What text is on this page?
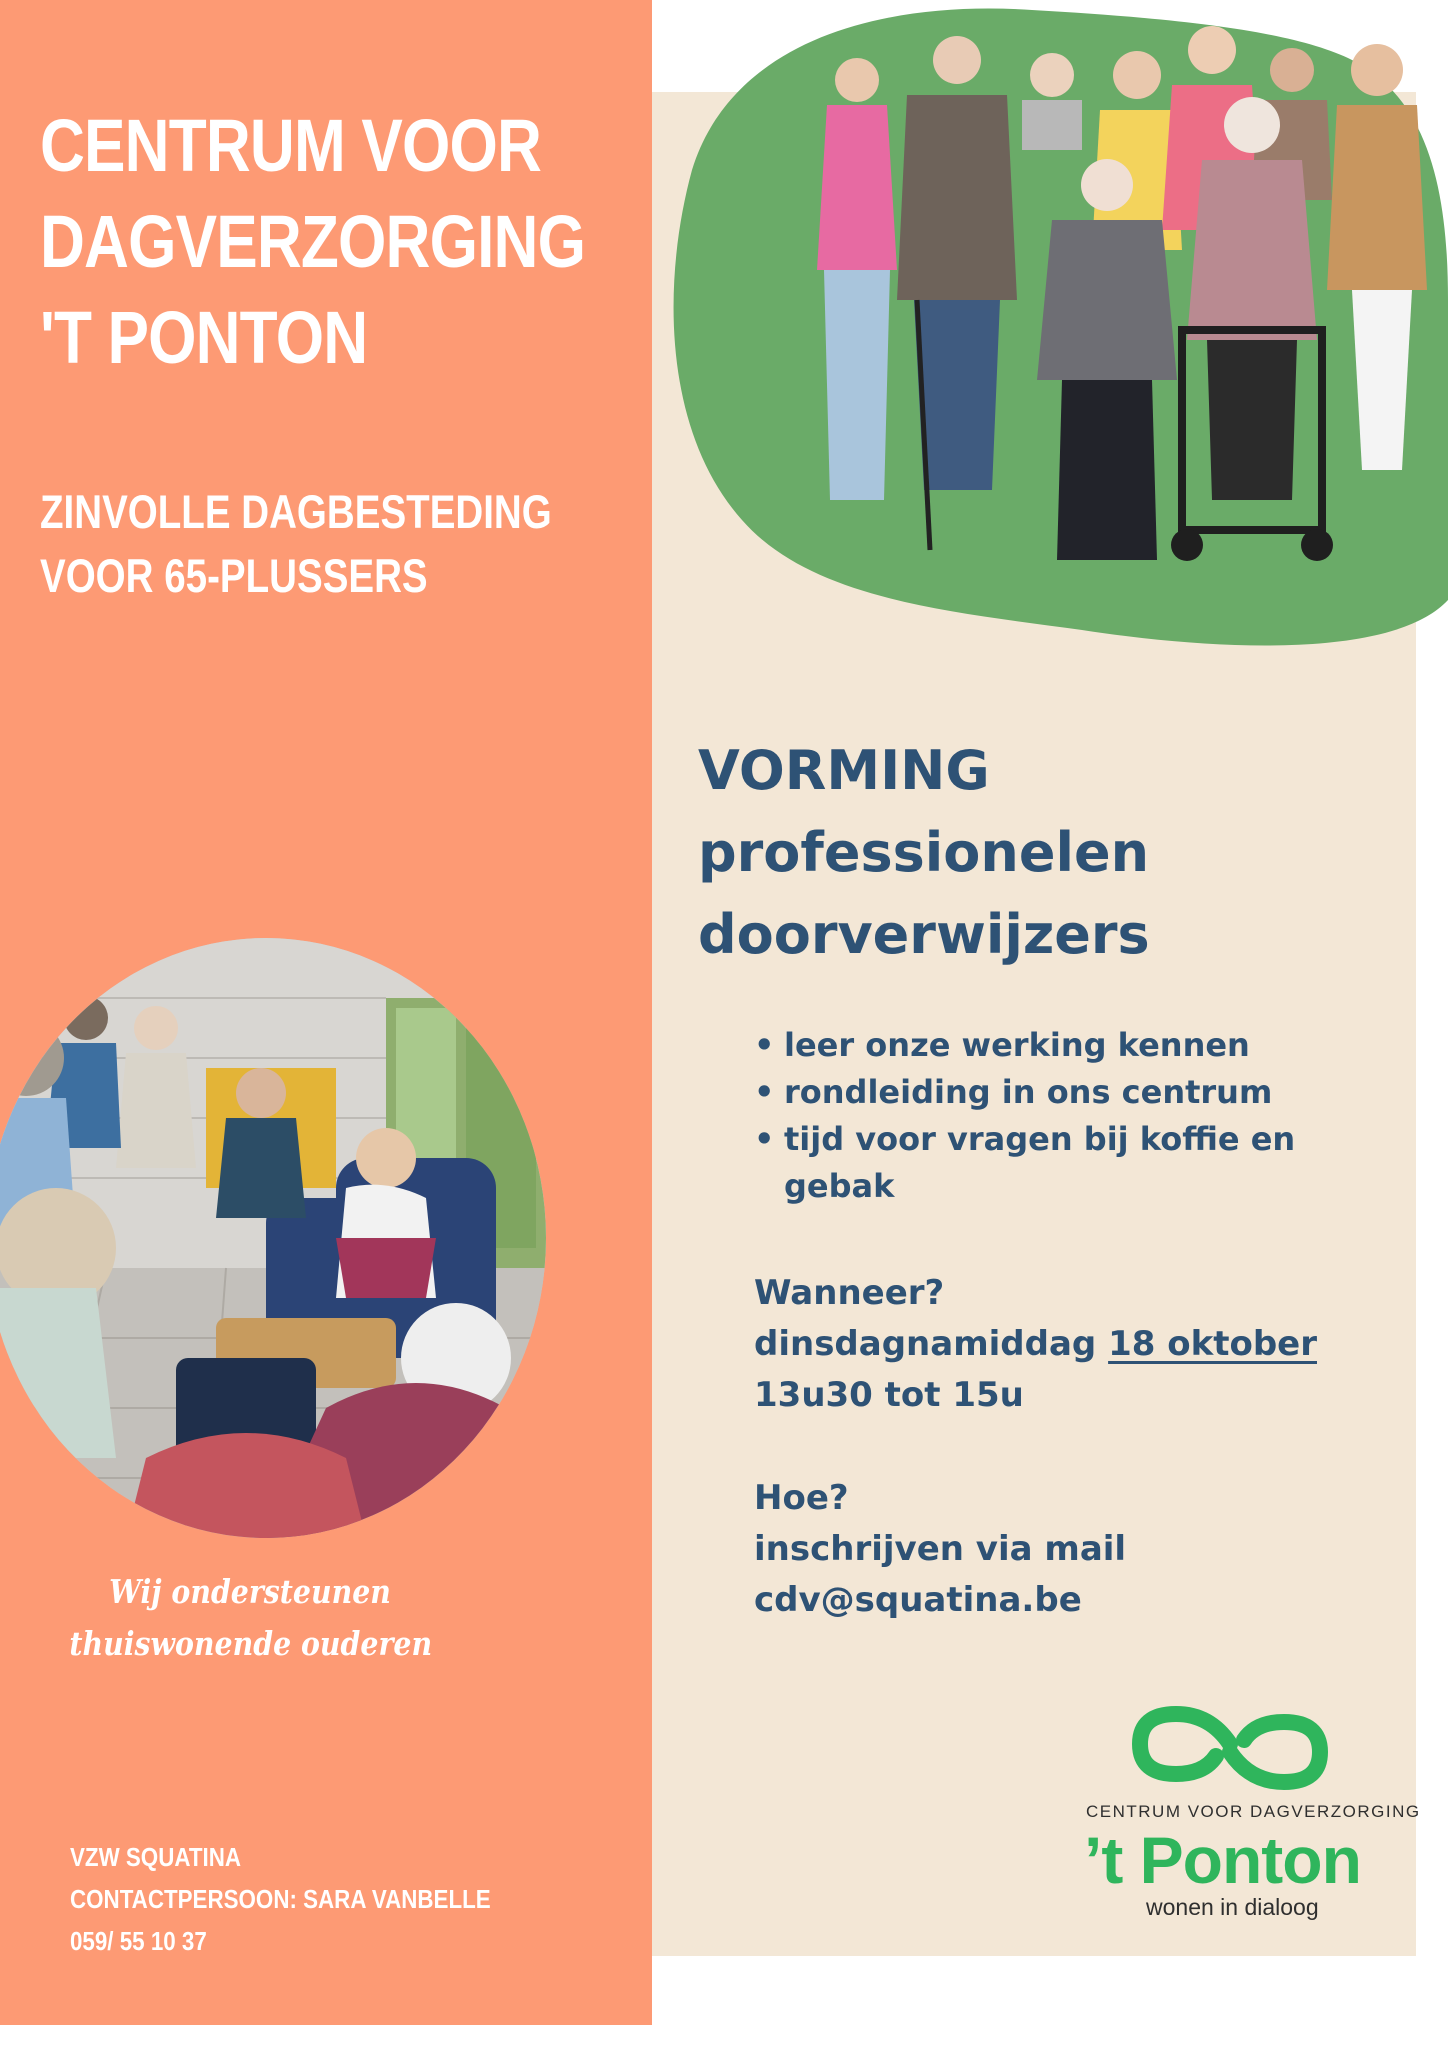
CENTRUM VOOR
DAGVERZORGING
'T PONTON
ZINVOLLE DAGBESTEDING
VOOR 65-PLUSSERS
Wij ondersteunen
thuiswonende ouderen
VZW SQUATINA
CONTACTPERSOON: SARA VANBELLE
059/ 55 10 37
VORMING
professionelen
doorverwijzers
• leer onze werking kennen
• rondleiding in ons centrum
• tijd voor vragen bij koffie en gebak
Wanneer?
dinsdagnamiddag 18 oktober
13u30 tot 15u
Hoe?
inschrijven via mail
cdv@squatina.be
CENTRUM VOOR DAGVERZORGING
’t Ponton
wonen in dialoog
